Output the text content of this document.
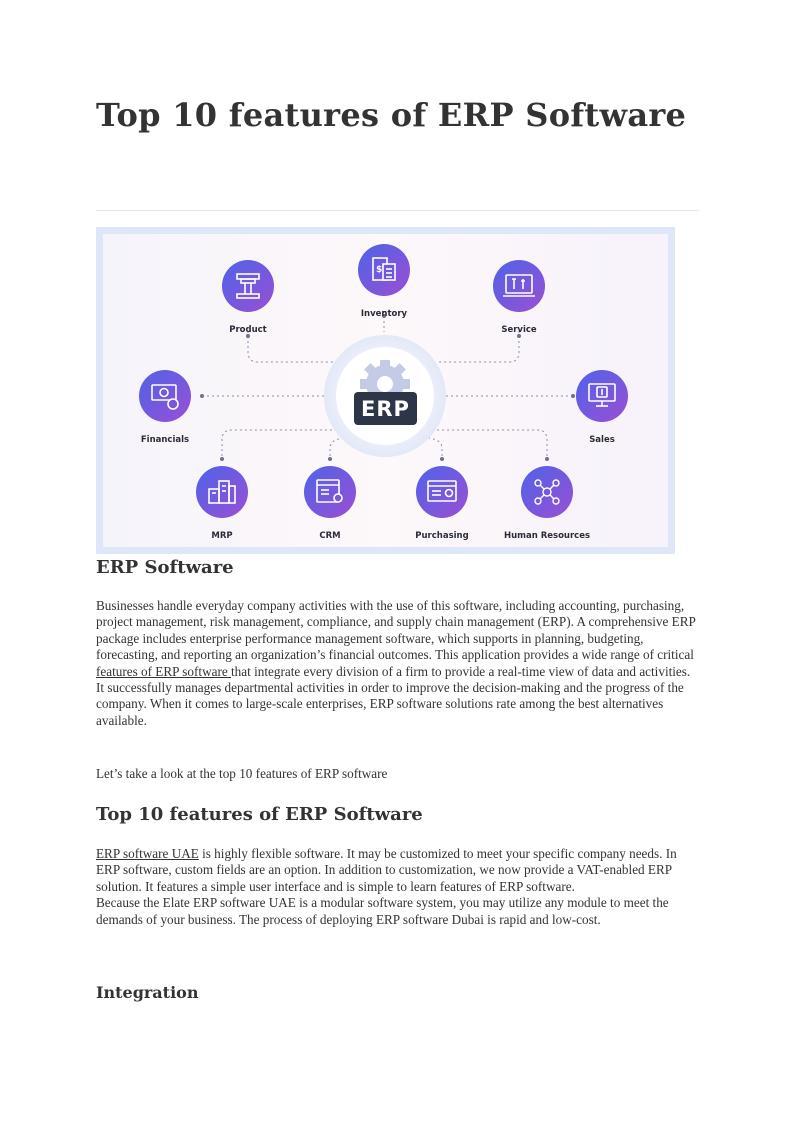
Top 10 features of ERP Software
ERP
Product
$
Inventory
Service
Financials	Sales
MRP	CRM	Purchasing	Human Resources
ERP Software

Businesses handle everyday company activities with the use of this software, including accounting, purchasing, project management, risk management, compliance, and supply chain management (ERP). A comprehensive ERP package includes enterprise performance management software, which supports in planning, budgeting, forecasting, and reporting an organization’s financial outcomes. This application provides a wide range of critical features of ERP software that integrate every division of a firm to provide a real-time view of data and activities.

It successfully manages departmental activities in order to improve the decision-making and the progress of the company. When it comes to large-scale enterprises, ERP software solutions rate among the best alternatives available.

Let’s take a look at the top 10 features of ERP software

Top 10 features of ERP Software

ERP software UAE is highly flexible software. It may be customized to meet your specific company needs. In ERP software, custom fields are an option. In addition to customization, we now provide a VAT-enabled ERP solution. It features a simple user interface and is simple to learn features of ERP software.

Because the Elate ERP software UAE is a modular software system, you may utilize any module to meet the demands of your business. The process of deploying ERP software Dubai is rapid and low-cost.

Integration
